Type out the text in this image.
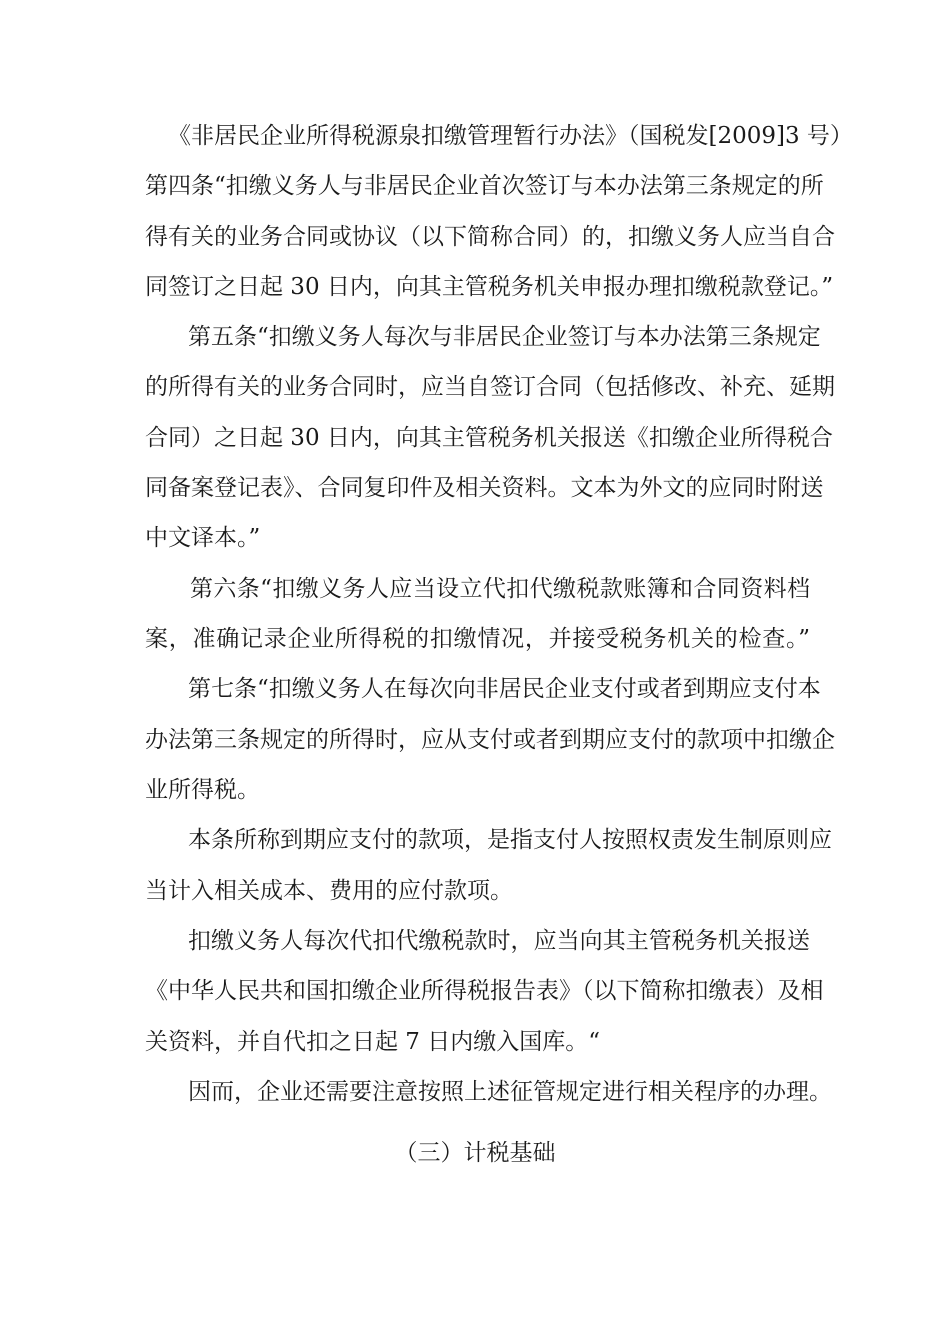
《非居民企业所得税源泉扣缴管理暂行办法》（国税发[2009]3 号）
第四条“扣缴义务人与非居民企业首次签订与本办法第三条规定的所
得有关的业务合同或协议（以下简称合同）的，扣缴义务人应当自合
同签订之日起 30 日内，向其主管税务机关申报办理扣缴税款登记。”
第五条“扣缴义务人每次与非居民企业签订与本办法第三条规定
的所得有关的业务合同时，应当自签订合同（包括修改、补充、延期
合同）之日起 30 日内，向其主管税务机关报送《扣缴企业所得税合
同备案登记表》、合同复印件及相关资料。文本为外文的应同时附送
中文译本。”
第六条“扣缴义务人应当设立代扣代缴税款账簿和合同资料档
案，准确记录企业所得税的扣缴情况，并接受税务机关的检查。”
第七条“扣缴义务人在每次向非居民企业支付或者到期应支付本
办法第三条规定的所得时，应从支付或者到期应支付的款项中扣缴企
业所得税。
本条所称到期应支付的款项，是指支付人按照权责发生制原则应
当计入相关成本、费用的应付款项。
扣缴义务人每次代扣代缴税款时，应当向其主管税务机关报送
《中华人民共和国扣缴企业所得税报告表》（以下简称扣缴表）及相
关资料，并自代扣之日起 7 日内缴入国库。“
因而，企业还需要注意按照上述征管规定进行相关程序的办理。
（三）计税基础
